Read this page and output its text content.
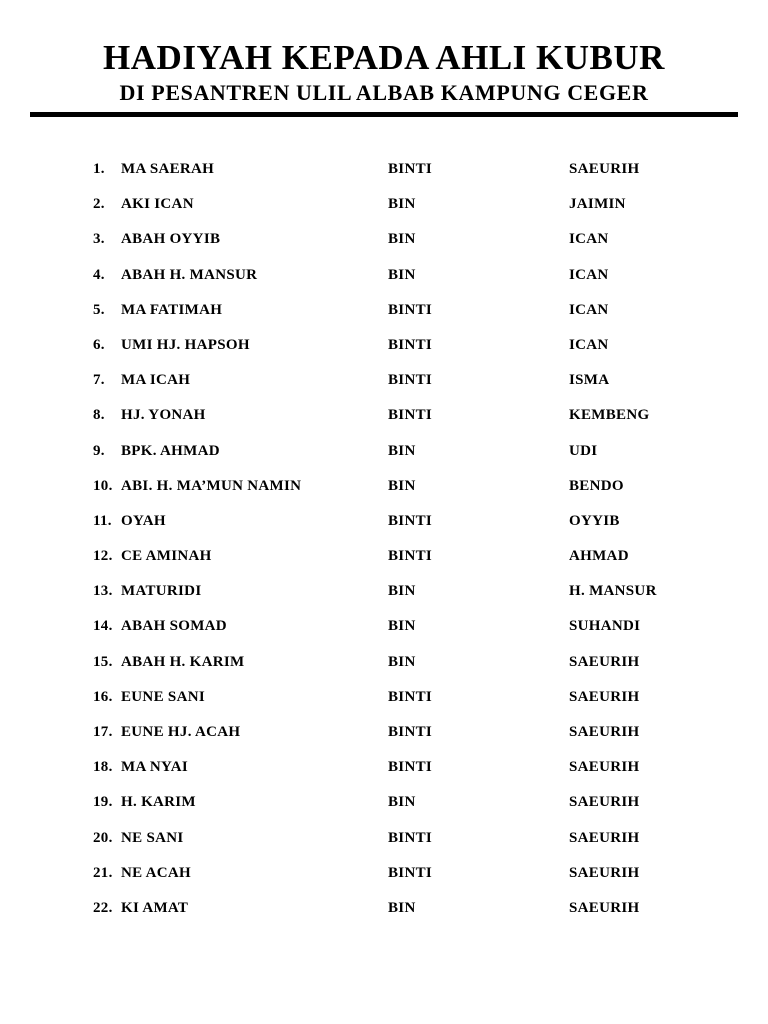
HADIYAH KEPADA AHLI KUBUR
DI PESANTREN ULIL ALBAB KAMPUNG CEGER
1.	MA SAERAH	BINTI	SAEURIH
2.	AKI ICAN	BIN	JAIMIN
3.	ABAH OYYIB	BIN	ICAN
4.	ABAH H. MANSUR	BIN	ICAN
5.	MA FATIMAH	BINTI	ICAN
6.	UMI HJ. HAPSOH	BINTI	ICAN
7.	MA ICAH	BINTI	ISMA
8.	HJ. YONAH	BINTI	KEMBENG
9.	BPK. AHMAD	BIN	UDI
10. ABI. H. MA’MUN NAMIN	BIN	BENDO
11. OYAH	BINTI	OYYIB
12. CE AMINAH	BINTI	AHMAD
13. MATURIDI	BIN	H. MANSUR
14. ABAH SOMAD	BIN	SUHANDI
15. ABAH H. KARIM	BIN	SAEURIH
16. EUNE SANI	BINTI	SAEURIH
17. EUNE HJ. ACAH	BINTI	SAEURIH
18. MA NYAI	BINTI	SAEURIH
19. H. KARIM	BIN	SAEURIH
20. NE SANI	BINTI	SAEURIH
21. NE ACAH	BINTI	SAEURIH
22. KI AMAT	BIN	SAEURIH
